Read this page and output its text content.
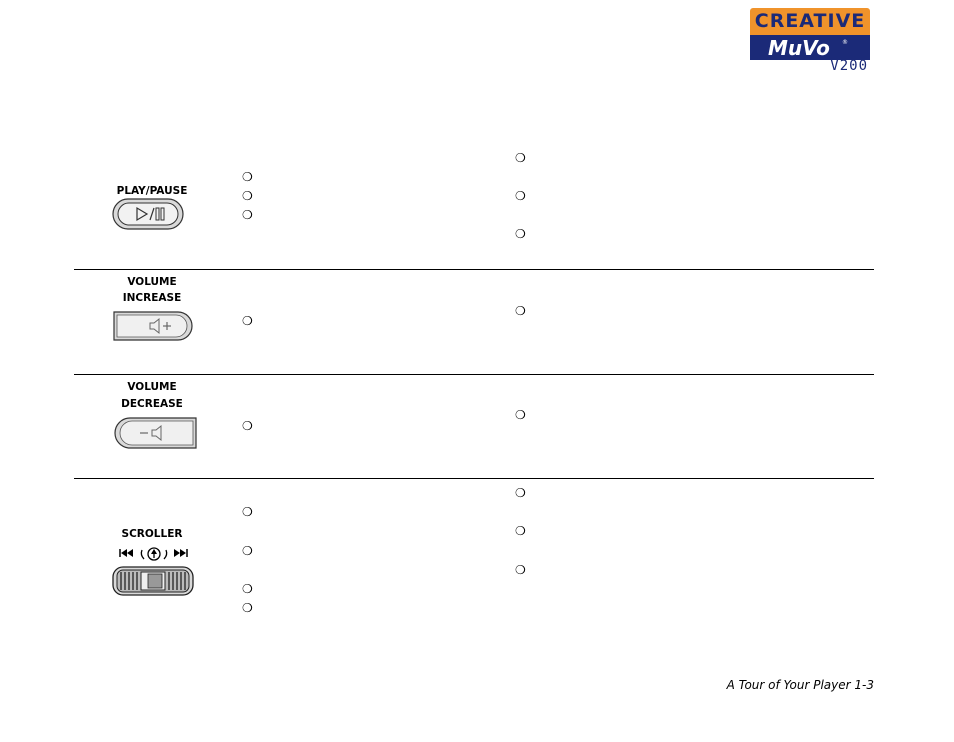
CREATIVE
MuVo ®
V200
PLAY/PAUSE
❍
❍
❍
❍
❍
❍
VOLUME
INCREASE
❍
❍
VOLUME
DECREASE
❍
❍
SCROLLER
❍
❍
❍
❍
❍
❍
❍
A Tour of Your Player 1-3
